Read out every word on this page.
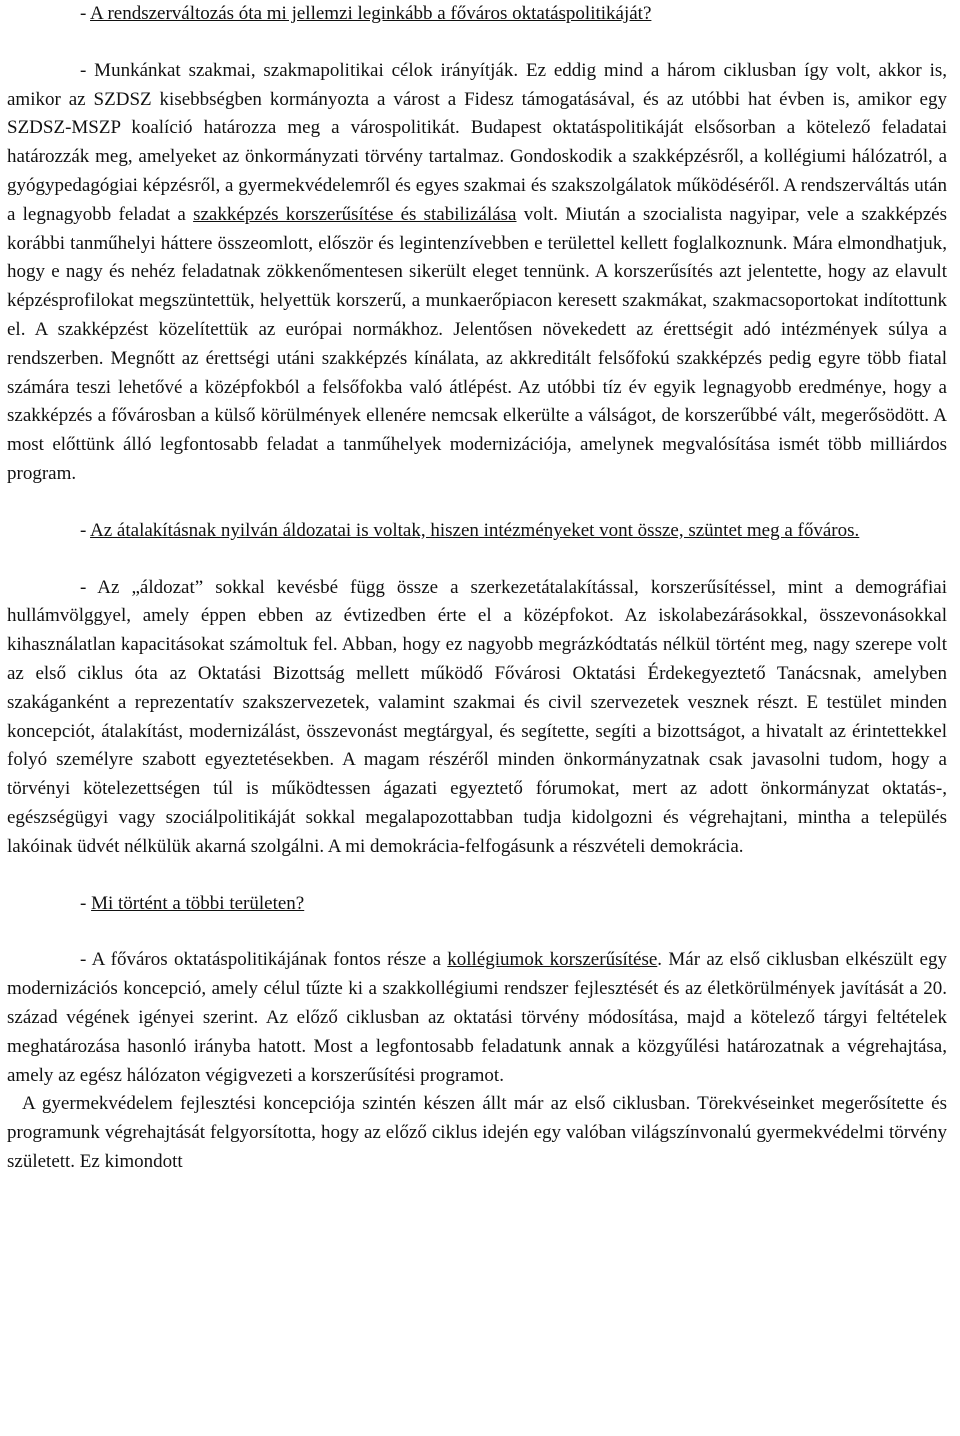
- A rendszerváltozás óta mi jellemzi leginkább a főváros oktatáspolitikáját?

- Munkánkat szakmai, szakmapolitikai célok irányítják. Ez eddig mind a három ciklusban így volt, akkor is, amikor az SZDSZ kisebbségben kormányozta a várost a Fidesz támogatásával, és az utóbbi hat évben is, amikor egy SZDSZ-MSZP koalíció határozza meg a várospolitikát. Budapest oktatáspolitikáját elsősorban a kötelező feladatai határozzák meg, amelyeket az önkormányzati törvény tartalmaz. Gondoskodik a szakképzésről, a kollégiumi hálózatról, a gyógypedagógiai képzésről, a gyermekvédelemről és egyes szakmai és szakszolgálatok működéséről. A rendszerváltás után a legnagyobb feladat a szakképzés korszerűsítése és stabilizálása volt. Miután a szocialista nagyipar, vele a szakképzés korábbi tanműhelyi háttere összeomlott, először és legintenzívebben e területtel kellett foglalkoznunk. Mára elmondhatjuk, hogy e nagy és nehéz feladatnak zökkenőmentesen sikerült eleget tennünk. A korszerűsítés azt jelentette, hogy az elavult képzésprofilokat megszüntettük, helyettük korszerű, a munkaerőpiacon keresett szakmákat, szakmacsoportokat indítottunk el. A szakképzést közelítettük az európai normákhoz. Jelentősen növekedett az érettségit adó intézmények súlya a rendszerben. Megnőtt az érettségi utáni szakképzés kínálata, az akkreditált felsőfokú szakképzés pedig egyre több fiatal számára teszi lehetővé a középfokból a felsőfokba való átlépést. Az utóbbi tíz év egyik legnagyobb eredménye, hogy a szakképzés a fővárosban a külső körülmények ellenére nemcsak elkerülte a válságot, de korszerűbbé vált, megerősödött. A most előttünk álló legfontosabb feladat a tanműhelyek modernizációja, amelynek megvalósítása ismét több milliárdos program.

- Az átalakításnak nyilván áldozatai is voltak, hiszen intézményeket vont össze, szüntet meg a főváros.

- Az „áldozat” sokkal kevésbé függ össze a szerkezetátalakítással, korszerűsítéssel, mint a demográfiai hullámvölggyel, amely éppen ebben az évtizedben érte el a középfokot. Az iskolabezárásokkal, összevonásokkal kihasználatlan kapacitásokat számoltuk fel. Abban, hogy ez nagyobb megrázkódtatás nélkül történt meg, nagy szerepe volt az első ciklus óta az Oktatási Bizottság mellett működő Fővárosi Oktatási Érdekegyeztető Tanácsnak, amelyben szakáganként a reprezentatív szakszervezetek, valamint szakmai és civil szervezetek vesznek részt. E testület minden koncepciót, átalakítást, modernizálást, összevonást megtárgyal, és segítette, segíti a bizottságot, a hivatalt az érintettekkel folyó személyre szabott egyeztetésekben. A magam részéről minden önkormányzatnak csak javasolni tudom, hogy a törvényi kötelezettségen túl is működtessen ágazati egyeztető fórumokat, mert az adott önkormányzat oktatás-, egészségügyi vagy szociálpolitikáját sokkal megalapozottabban tudja kidolgozni és végrehajtani, mintha a település lakóinak üdvét nélkülük akarná szolgálni. A mi demokrácia-felfogásunk a részvételi demokrácia.

- Mi történt a többi területen?

- A főváros oktatáspolitikájának fontos része a kollégiumok korszerűsítése. Már az első ciklusban elkészült egy modernizációs koncepció, amely célul tűzte ki a szakkollégiumi rendszer fejlesztését és az életkörülmények javítását a 20. század végének igényei szerint. Az előző ciklusban az oktatási törvény módosítása, majd a kötelező tárgyi feltételek meghatározása hasonló irányba hatott. Most a legfontosabb feladatunk annak a közgyűlési határozatnak a végrehajtása, amely az egész hálózaton végigvezeti a korszerűsítési programot.

A gyermekvédelem fejlesztési koncepciója szintén készen állt már az első ciklusban. Törekvéseinket megerősítette és programunk végrehajtását felgyorsította, hogy az előző ciklus idején egy valóban világszínvonalú gyermekvédelmi törvény született. Ez kimondott
